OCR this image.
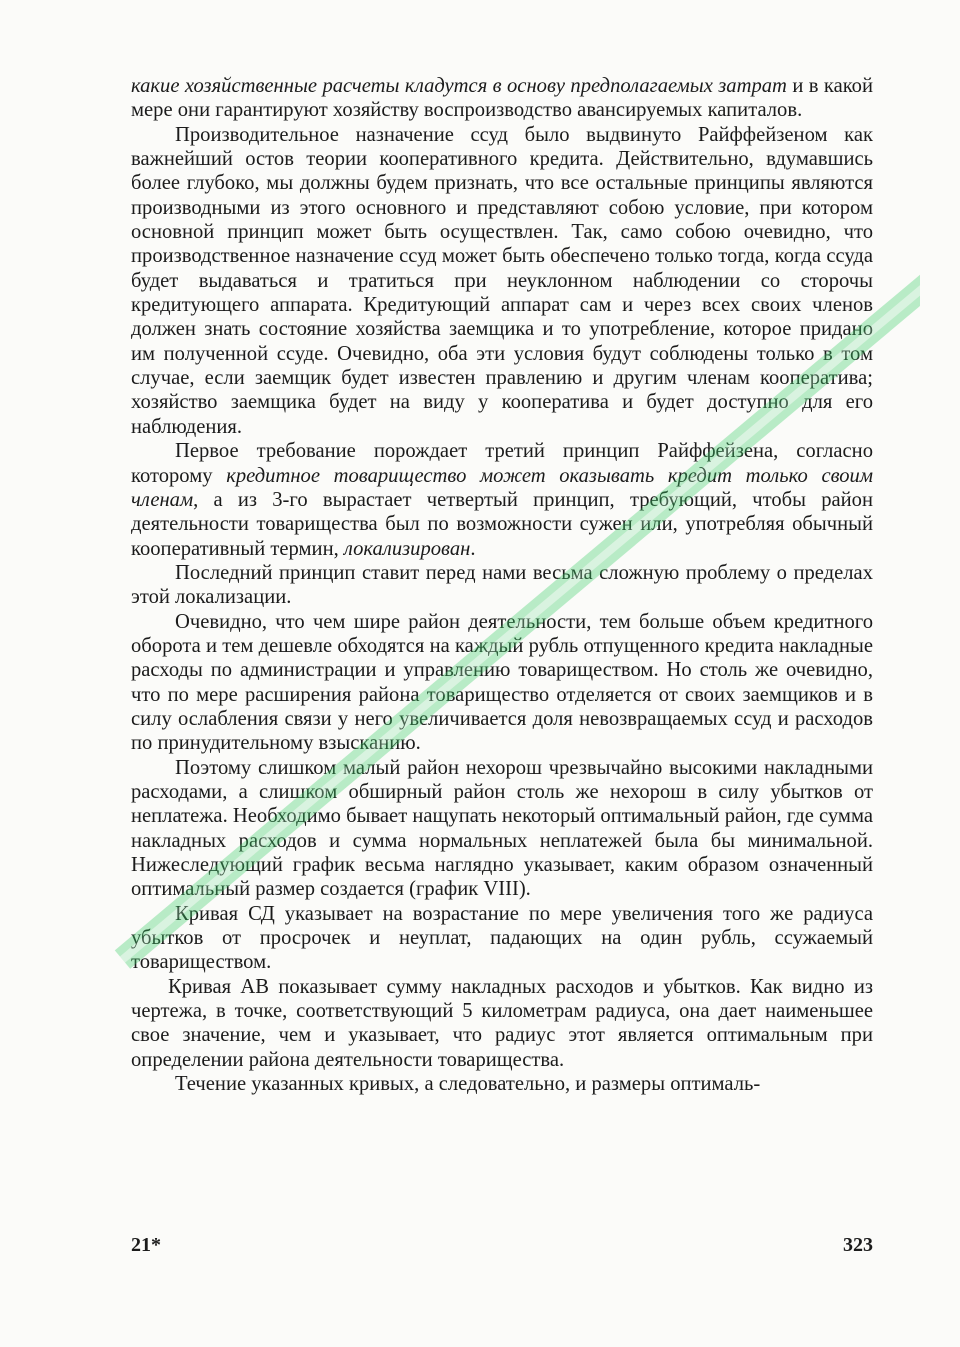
какие хозяйственные расчеты кладутся в основу предполагаемых затрат и в какой мере они гарантируют хозяйству воспроизводство авансируемых капиталов.

Производительное назначение ссуд было выдвинуто Райффейзеном как важнейший остов теории кооперативного кредита. Действительно, вдумавшись более глубоко, мы должны будем признать, что все остальные принципы являются производными из этого основного и представляют собою условие, при котором основной принцип может быть осуществлен. Так, само собою очевидно, что производственное назначение ссуд может быть обеспечено только тогда, когда ссуда будет выдаваться и тратиться при неуклонном наблюдении со сторочы кредитующего аппарата. Кредитующий аппарат сам и через всех своих членов должен знать состояние хозяйства заемщика и то употребление, которое придано им полученной ссуде. Очевидно, оба эти условия будут соблюдены только в том случае, если заемщик будет известен правлению и другим членам кооператива; хозяйство заемщика будет на виду у кооператива и будет доступно для его наблюдения.

Первое требование порождает третий принцип Райффейзена, согласно которому кредитное товарищество может оказывать кредит только своим членам, а из 3-го вырастает четвертый принцип, требующий, чтобы район деятельности товарищества был по возможности сужен или, употребляя обычный кооперативный термин, локализирован.

Последний принцип ставит перед нами весьма сложную проблему о пределах этой локализации.

Очевидно, что чем шире район деятельности, тем больше объем кредитного оборота и тем дешевле обходятся на каждый рубль отпущенного кредита накладные расходы по администрации и управлению товариществом. Но столь же очевидно, что по мере расширения района товарищество отделяется от своих заемщиков и в силу ослабления связи у него увеличивается доля невозвращаемых ссуд и расходов по принудительному взысканию.

Поэтому слишком малый район нехорош чрезвычайно высокими накладными расходами, а слишком обширный район столь же нехорош в силу убытков от неплатежа. Необходимо бывает нащупать некоторый оптимальный район, где сумма накладных расходов и сумма нормальных неплатежей была бы минимальной. Нижеследующий график весьма наглядно указывает, каким образом означенный оптимальный размер создается (график VIII).

Кривая СД указывает на возрастание по мере увеличения того же радиуса убытков от просрочек и неуплат, падающих на один рубль, ссужаемый товариществом.

Кривая АВ показывает сумму накладных расходов и убытков. Как видно из чертежа, в точке, соответствующий 5 километрам радиуса, она дает наименьшее свое значение, чем и указывает, что радиус этот является оптимальным при определении района деятельности товарищества.

Течение указанных кривых, а следовательно, и размеры оптималь-

21*	323
